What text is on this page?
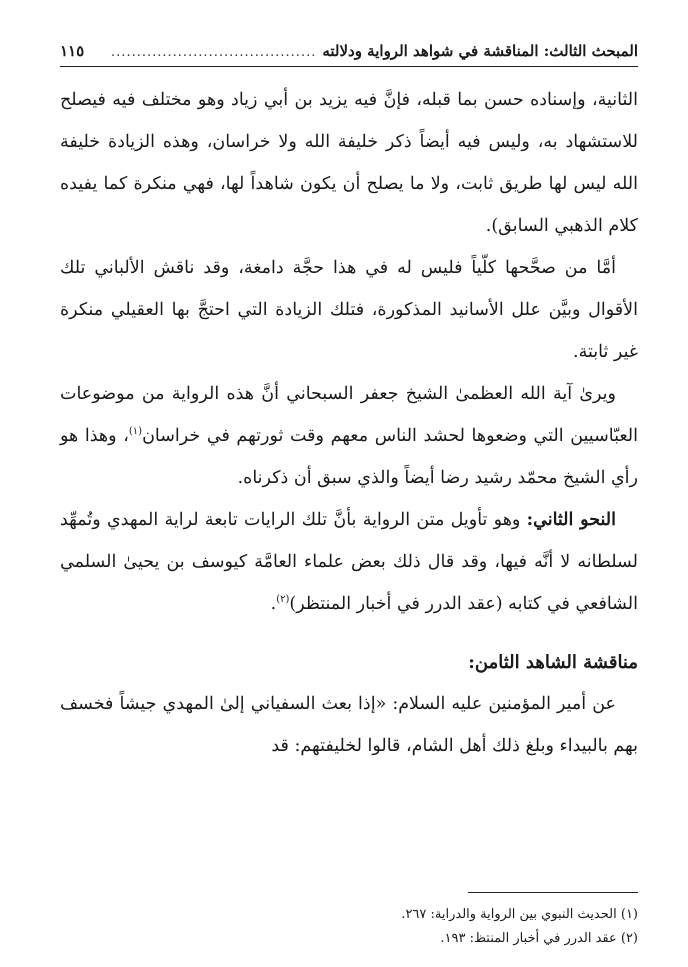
المبحث الثالث: المناقشة في شواهد الرواية ودلالته
........................................
١١٥

الثانية، وإسناده حسن بما قبله، فإنَّ فيه يزيد بن أبي زياد وهو مختلف فيه فيصلح للاستشهاد به، وليس فيه أيضاً ذكر خليفة الله ولا خراسان، وهذه الزيادة خليفة الله ليس لها طريق ثابت، ولا ما يصلح أن يكون شاهداً لها، فهي منكرة كما يفيده كلام الذهبي السابق).

أمَّا من صحَّحها كلّياً فليس له في هذا حجَّة دامغة، وقد ناقش الألباني تلك الأقوال وبيَّن علل الأسانيد المذكورة، فتلك الزيادة التي احتجَّ بها العقيلي منكرة غير ثابتة.

ويرىٰ آية الله العظمىٰ الشيخ جعفر السبحاني أنَّ هذه الرواية من موضوعات العبّاسيين التي وضعوها لحشد الناس معهم وقت ثورتهم في خراسان$^{(١)}$، وهذا هو رأي الشيخ محمّد رشيد رضا أيضاً والذي سبق أن ذكرناه.

النحو الثاني: وهو تأويل متن الرواية بأنَّ تلك الرايات تابعة لراية المهدي وتُمهِّد لسلطانه لا أنَّه فيها، وقد قال ذلك بعض علماء العامَّة كيوسف بن يحيىٰ السلمي الشافعي في كتابه (عقد الدرر في أخبار المنتظر)$^{(٢)}$.

مناقشة الشاهد الثامن:

عن أمير المؤمنين عليه السلام: «إذا بعث السفياني إلىٰ المهدي جيشاً فخسف بهم بالبيداء وبلغ ذلك أهل الشام، قالوا لخليفتهم: قد

(١) الحديث النبوي بين الرواية والدراية: ٢٦٧.

(٢) عقد الدرر في أخبار المنتظ: ١٩٣.
